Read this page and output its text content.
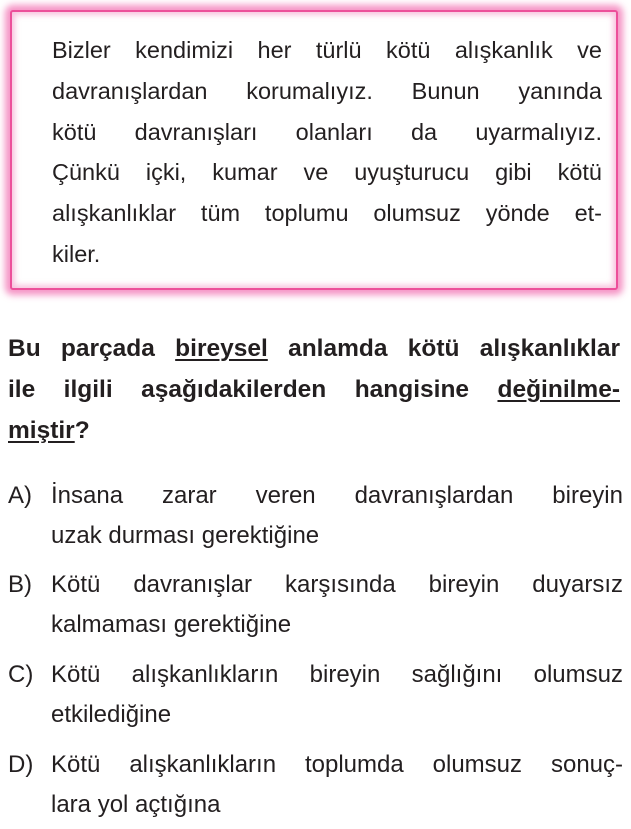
Bizler kendimizi her türlü kötü alışkanlık ve
davranışlardan korumalıyız. Bunun yanında
kötü davranışları olanları da uyarmalıyız.
Çünkü içki, kumar ve uyuşturucu gibi kötü
alışkanlıklar tüm toplumu olumsuz yönde et-
kiler.
Bu parçada bireysel anlamda kötü alışkanlıklar
ile ilgili aşağıdakilerden hangisine değinilme-
miştir?
A) İnsana zarar veren davranışlardan bireyin
uzak durması gerektiğine
B) Kötü davranışlar karşısında bireyin duyarsız
kalmaması gerektiğine
C) Kötü alışkanlıkların bireyin sağlığını olumsuz
etkilediğine
D) Kötü alışkanlıkların toplumda olumsuz sonuç-
lara yol açtığına
